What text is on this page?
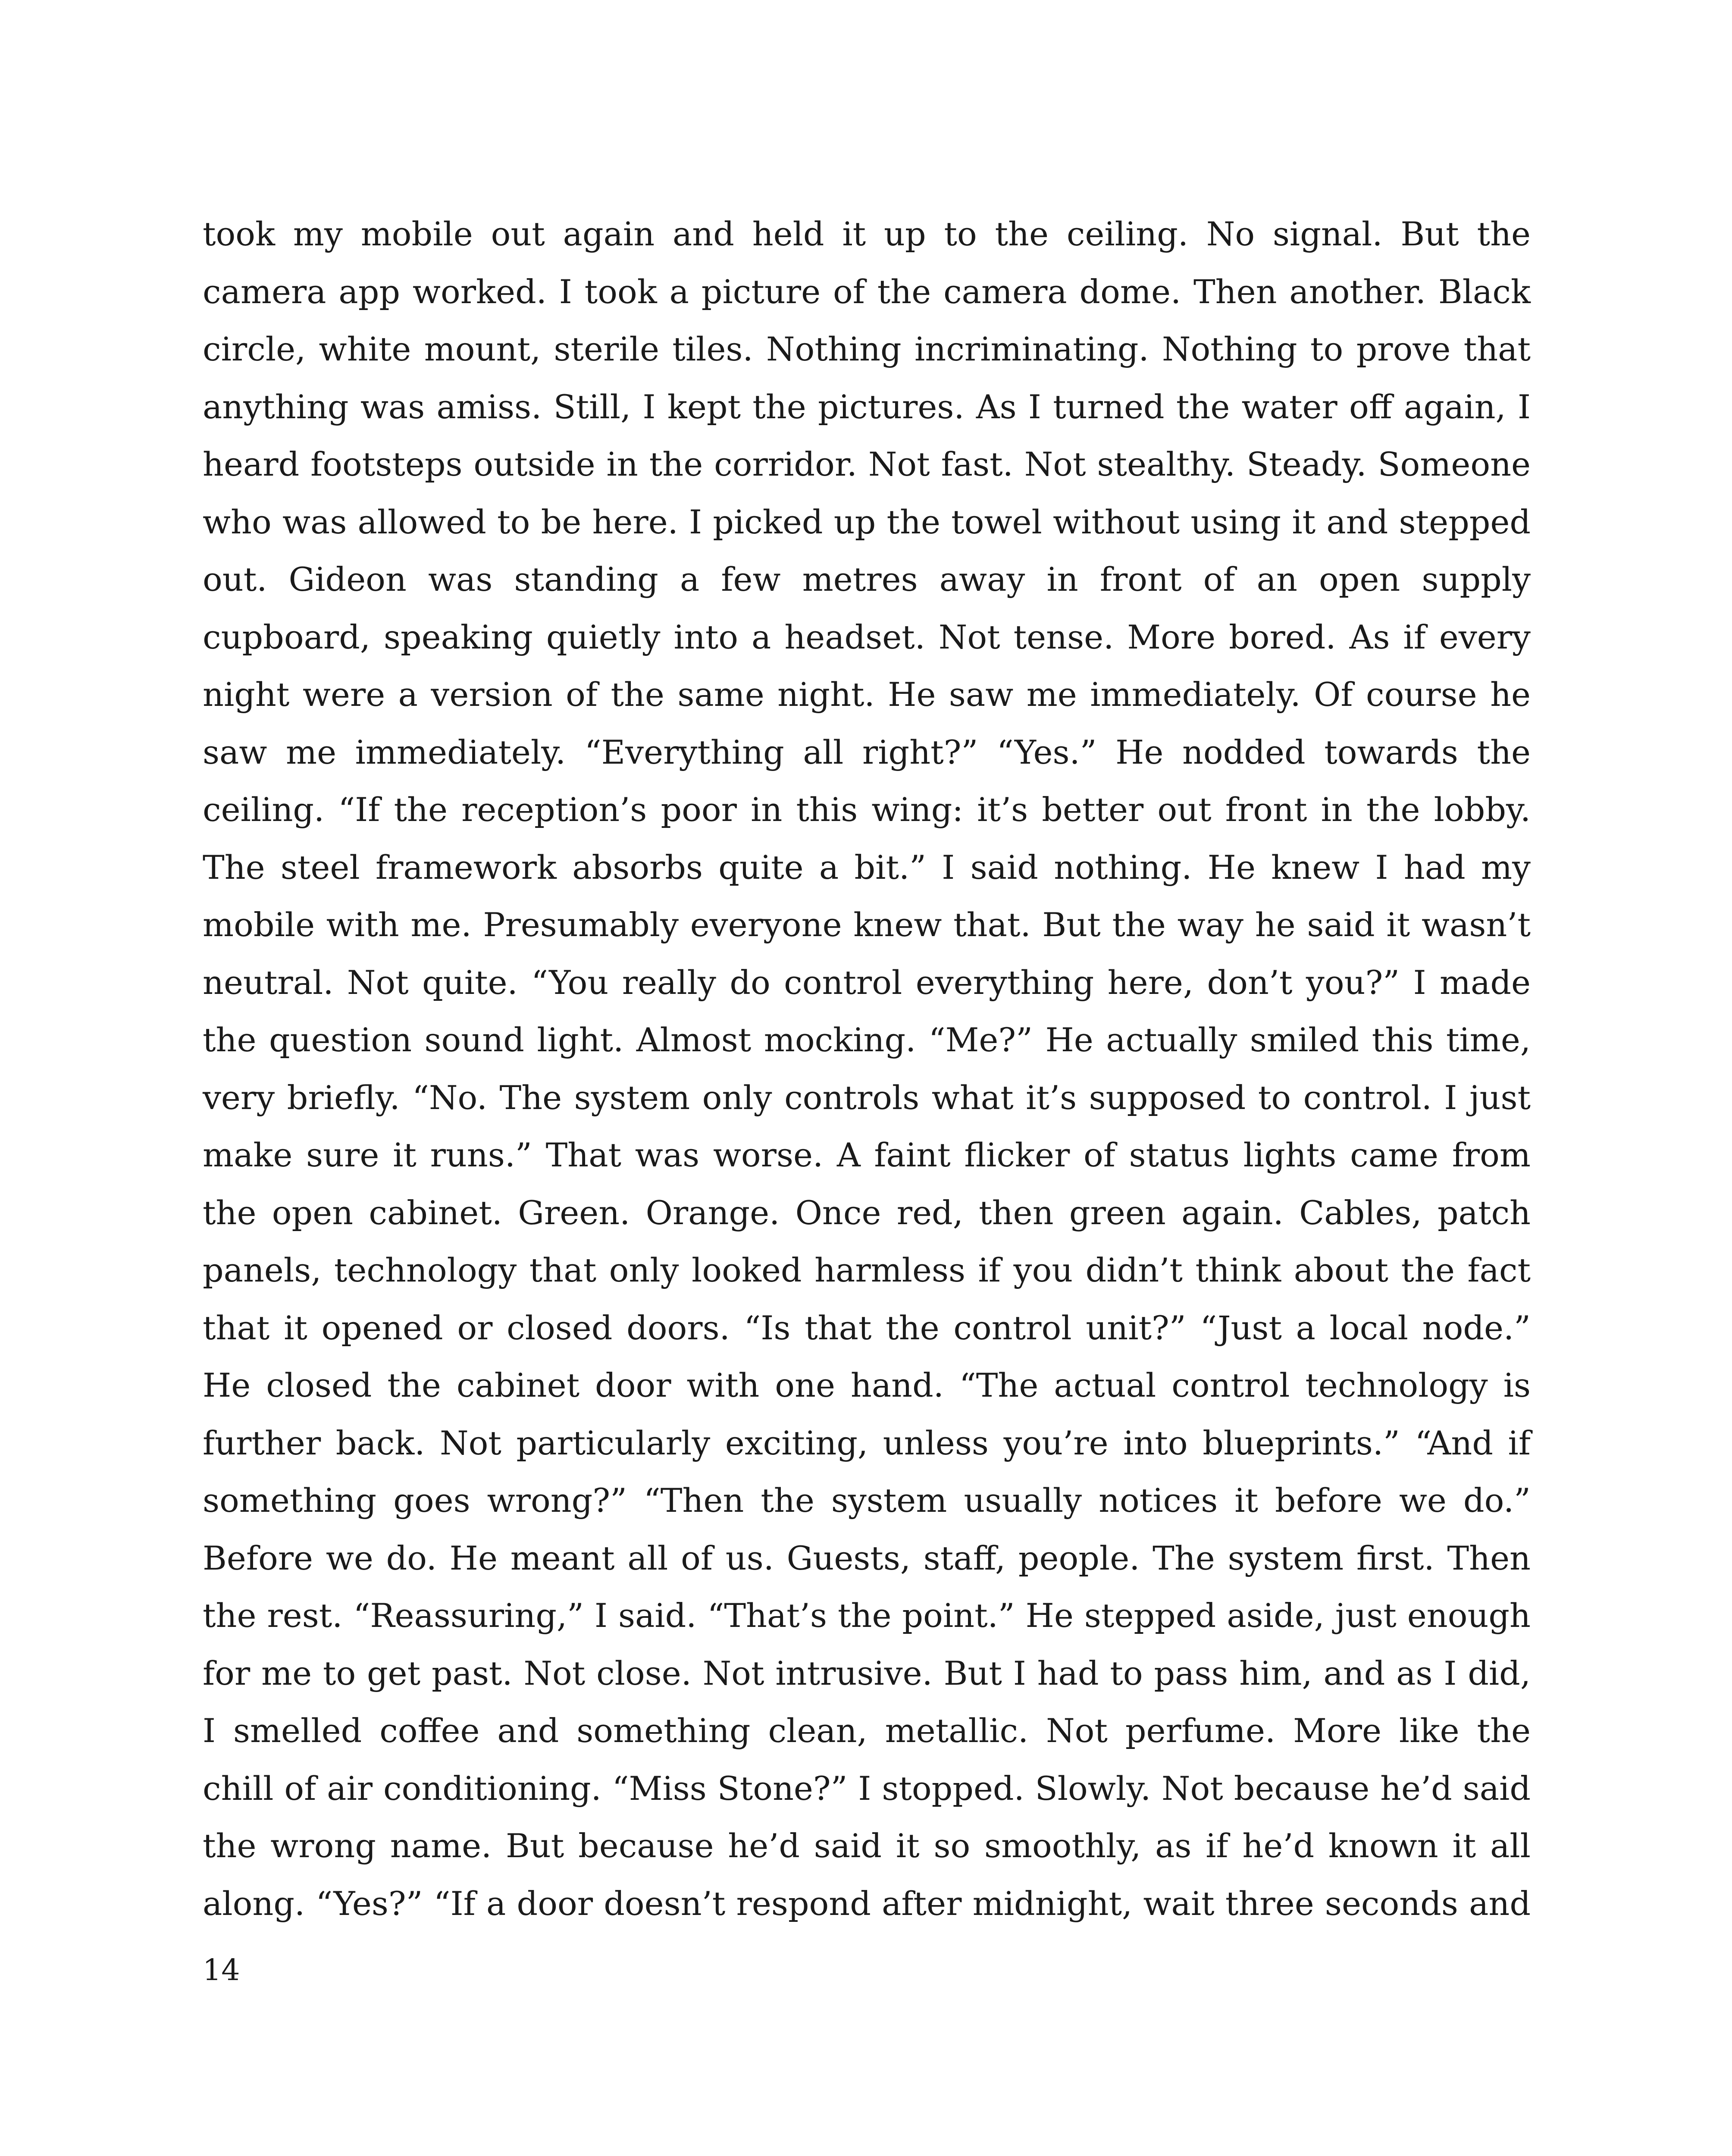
took my mobile out again and held it up to the ceiling. No signal. But the camera app worked. I took a picture of the camera dome. Then another. Black circle, white mount, sterile tiles. Nothing incriminating. Nothing to prove that anything was amiss. Still, I kept the pictures. As I turned the water off again, I heard footsteps outside in the corridor. Not fast. Not stealthy. Steady. Someone who was allowed to be here. I picked up the towel without using it and stepped out. Gideon was standing a few metres away in front of an open supply cupboard, speaking quietly into a headset. Not tense. More bored. As if every night were a version of the same night. He saw me immediately. Of course he saw me immediately. “Everything all right?” “Yes.” He nodded towards the ceiling. “If the reception’s poor in this wing: it’s better out front in the lobby. The steel framework absorbs quite a bit.” I said nothing. He knew I had my mobile with me. Presumably everyone knew that. But the way he said it wasn’t neutral. Not quite. “You really do control everything here, don’t you?” I made the question sound light. Almost mocking. “Me?” He actually smiled this time, very briefly. “No. The system only controls what it’s supposed to control. I just make sure it runs.” That was worse. A faint flicker of status lights came from the open cabinet. Green. Orange. Once red, then green again. Cables, patch panels, technology that only looked harmless if you didn’t think about the fact that it opened or closed doors. “Is that the control unit?” “Just a local node.” He closed the cabinet door with one hand. “The actual control technology is further back. Not particularly exciting, unless you’re into blueprints.” “And if something goes wrong?” “Then the system usually notices it before we do.” Before we do. He meant all of us. Guests, staff, people. The system first. Then the rest. “Reassuring,” I said. “That’s the point.” He stepped aside, just enough for me to get past. Not close. Not intrusive. But I had to pass him, and as I did, I smelled coffee and something clean, metallic. Not perfume. More like the chill of air conditioning. “Miss Stone?” I stopped. Slowly. Not because he’d said the wrong name. But because he’d said it so smoothly, as if he’d known it all along. “Yes?” “If a door doesn’t respond after midnight, wait three seconds and

14
